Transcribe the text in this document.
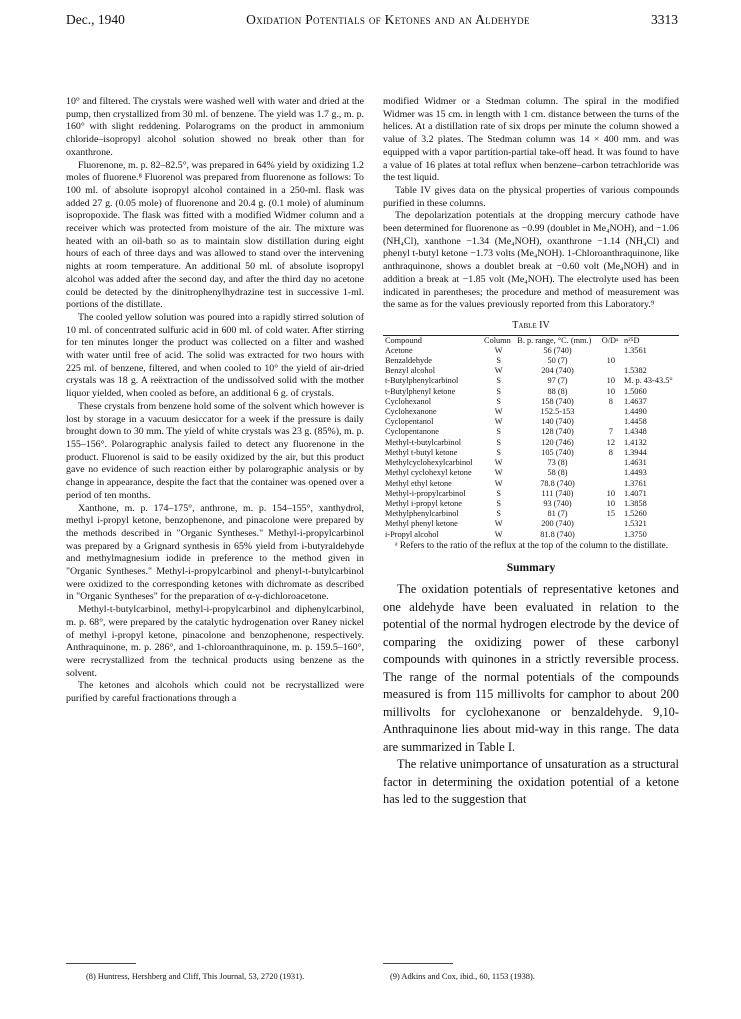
Dec., 1940	Oxidation Potentials of Ketones and an Aldehyde	3313

10° and filtered. The crystals were washed well with water and dried at the pump, then crystallized from 30 ml. of benzene. The yield was 1.7 g., m. p. 160° with slight reddening. Polarograms on the product in ammonium chloride–isopropyl alcohol solution showed no break other than for oxanthrone.

Fluorenone, m. p. 82–82.5°, was prepared in 64% yield by oxidizing 1.2 moles of fluorene.⁸ Fluorenol was prepared from fluorenone as follows: To 100 ml. of absolute isopropyl alcohol contained in a 250-ml. flask was added 27 g. (0.05 mole) of fluorenone and 20.4 g. (0.1 mole) of aluminum isopropoxide. The flask was fitted with a modified Widmer column and a receiver which was protected from moisture of the air. The mixture was heated with an oil-bath so as to maintain slow distillation during eight hours of each of three days and was allowed to stand over the intervening nights at room temperature. An additional 50 ml. of absolute isopropyl alcohol was added after the second day, and after the third day no acetone could be detected by the dinitrophenylhydrazine test in successive 1-ml. portions of the distillate.

The cooled yellow solution was poured into a rapidly stirred solution of 10 ml. of concentrated sulfuric acid in 600 ml. of cold water. After stirring for ten minutes longer the product was collected on a filter and washed with water until free of acid. The solid was extracted for two hours with 225 ml. of benzene, filtered, and when cooled to 10° the yield of air-dried crystals was 18 g. A reëxtraction of the undissolved solid with the mother liquor yielded, when cooled as before, an additional 6 g. of crystals.

These crystals from benzene hold some of the solvent which however is lost by storage in a vacuum desiccator for a week if the pressure is daily brought down to 30 mm. The yield of white crystals was 23 g. (85%), m. p. 155–156°. Polarographic analysis failed to detect any fluorenone in the product. Fluorenol is said to be easily oxidized by the air, but this product gave no evidence of such reaction either by polarographic analysis or by change in appearance, despite the fact that the container was opened over a period of ten months.

Xanthone, m. p. 174–175°, anthrone, m. p. 154–155°, xanthydrol, methyl i-propyl ketone, benzophenone, and pinacolone were prepared by the methods described in "Organic Syntheses." Methyl-i-propylcarbinol was prepared by a Grignard synthesis in 65% yield from i-butyraldehyde and methylmagnesium iodide in preference to the method given in "Organic Syntheses." Methyl-i-propylcarbinol and phenyl-t-butylcarbinol were oxidized to the corresponding ketones with dichromate as described in "Organic Syntheses" for the preparation of α-γ-dichloroacetone.

Methyl-t-butylcarbinol, methyl-i-propylcarbinol and diphenylcarbinol, m. p. 68°, were prepared by the catalytic hydrogenation over Raney nickel of methyl i-propyl ketone, pinacolone and benzophenone, respectively. Anthraquinone, m. p. 286°, and 1-chloroanthraquinone, m. p. 159.5–160°, were recrystallized from the technical products using benzene as the solvent.

The ketones and alcohols which could not be recrystallized were purified by careful fractionations through a

modified Widmer or a Stedman column. The spiral in the modified Widmer was 15 cm. in length with 1 cm. distance between the turns of the helices. At a distillation rate of six drops per minute the column showed a value of 3.2 plates. The Stedman column was 14 × 400 mm. and was equipped with a vapor partition-partial take-off head. It was found to have a value of 16 plates at total reflux when benzene–carbon tetrachloride was the test liquid.

Table IV gives data on the physical properties of various compounds purified in these columns.

The depolarization potentials at the dropping mercury cathode have been determined for fluorenone as −0.99 (doublet in Me₄NOH), and −1.06 (NH₄Cl), xanthone −1.34 (Me₄NOH), oxanthrone −1.14 (NH₄Cl) and phenyl t-butyl ketone −1.73 volts (Me₄NOH). 1-Chloroanthraquinone, like anthraquinone, shows a doublet break at −0.60 volt (Me₄NOH) and in addition a break at −1.85 volt (Me₄NOH). The electrolyte used has been indicated in parentheses; the procedure and method of measurement was the same as for the values previously reported from this Laboratory.⁹

Table IV
Compound	Column	B. p. range, °C. (mm.)	O/Dᵃ	n²⁵D
Acetone	W	56 (740)		1.3561
Benzaldehyde	S	50 (7)	10	
Benzyl alcohol	W	204 (740)		1.5382
t-Butylphenylcarbinol	S	97 (7)	10	M. p. 43-43.5°
t-Butylphenyl ketone	S	88 (8)	10	1.5060
Cyclohexanol	S	158 (740)	8	1.4637
Cyclohexanone	W	152.5-153		1.4490
Cyclopentanol	W	140 (740)		1.4458
Cyclopentanone	S	128 (740)	7	1.4348
Methyl-t-butylcarbinol	S	120 (746)	12	1.4132
Methyl t-butyl ketone	S	105 (740)	8	1.3944
Methylcyclohexylcarbinol	W	73 (8)		1.4631
Methyl cyclohexyl ketone	W	58 (8)		1.4493
Methyl ethyl ketone	W	78.8 (740)		1.3761
Methyl-i-propylcarbinol	S	111 (740)	10	1.4071
Methyl i-propyl ketone	S	93 (740)	10	1.3858
Methylphenylcarbinol	S	81 (7)	15	1.5260
Methyl phenyl ketone	W	200 (740)		1.5321
i-Propyl alcohol	W	81.8 (740)		1.3750

ᵃ Refers to the ratio of the reflux at the top of the column to the distillate.

Summary

The oxidation potentials of representative ketones and one aldehyde have been evaluated in relation to the potential of the normal hydrogen electrode by the device of comparing the oxidizing power of these carbonyl compounds with quinones in a strictly reversible process. The range of the normal potentials of the compounds measured is from 115 millivolts for camphor to about 200 millivolts for cyclohexanone or benzaldehyde. 9,10-Anthraquinone lies about mid-way in this range. The data are summarized in Table I.

The relative unimportance of unsaturation as a structural factor in determining the oxidation potential of a ketone has led to the suggestion that

(8) Huntress, Hershberg and Cliff, This Journal, 53, 2720 (1931).	(9) Adkins and Cox, ibid., 60, 1153 (1938).
